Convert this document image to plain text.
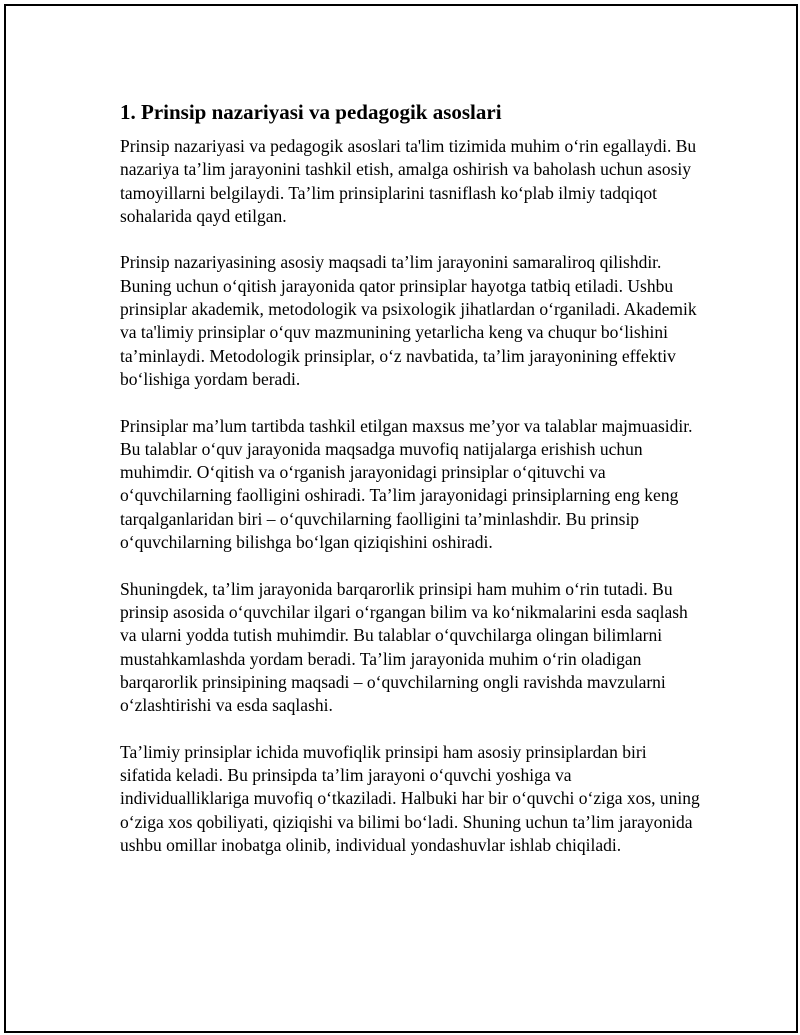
1. Prinsip nazariyasi va pedagogik asoslari

Prinsip nazariyasi va pedagogik asoslari ta'lim tizimida muhim o‘rin egallaydi. Bu nazariya ta’lim jarayonini tashkil etish, amalga oshirish va baholash uchun asosiy tamoyillarni belgilaydi. Ta’lim prinsiplarini tasniflash ko‘plab ilmiy tadqiqot sohalarida qayd etilgan.

Prinsip nazariyasining asosiy maqsadi ta’lim jarayonini samaraliroq qilishdir. Buning uchun o‘qitish jarayonida qator prinsiplar hayotga tatbiq etiladi. Ushbu prinsiplar akademik, metodologik va psixologik jihatlardan o‘rganiladi. Akademik va ta'limiy prinsiplar o‘quv mazmunining yetarlicha keng va chuqur bo‘lishini ta’minlaydi. Metodologik prinsiplar, o‘z navbatida, ta’lim jarayonining effektiv bo‘lishiga yordam beradi.

Prinsiplar ma’lum tartibda tashkil etilgan maxsus me’yor va talablar majmuasidir. Bu talablar o‘quv jarayonida maqsadga muvofiq natijalarga erishish uchun muhimdir. O‘qitish va o‘rganish jarayonidagi prinsiplar o‘qituvchi va o‘quvchilarning faolligini oshiradi. Ta’lim jarayonidagi prinsiplarning eng keng tarqalganlaridan biri – o‘quvchilarning faolligini ta’minlashdir. Bu prinsip o‘quvchilarning bilishga bo‘lgan qiziqishini oshiradi.

Shuningdek, ta’lim jarayonida barqarorlik prinsipi ham muhim o‘rin tutadi. Bu prinsip asosida o‘quvchilar ilgari o‘rgangan bilim va ko‘nikmalarini esda saqlash va ularni yodda tutish muhimdir. Bu talablar o‘quvchilarga olingan bilimlarni mustahkamlashda yordam beradi. Ta’lim jarayonida muhim o‘rin oladigan barqarorlik prinsipining maqsadi – o‘quvchilarning ongli ravishda mavzularni o‘zlashtirishi va esda saqlashi.

Ta’limiy prinsiplar ichida muvofiqlik prinsipi ham asosiy prinsiplardan biri sifatida keladi. Bu prinsipda ta’lim jarayoni o‘quvchi yoshiga va individualliklariga muvofiq o‘tkaziladi. Halbuki har bir o‘quvchi o‘ziga xos, uning o‘ziga xos qobiliyati, qiziqishi va bilimi bo‘ladi. Shuning uchun ta’lim jarayonida ushbu omillar inobatga olinib, individual yondashuvlar ishlab chiqiladi.
